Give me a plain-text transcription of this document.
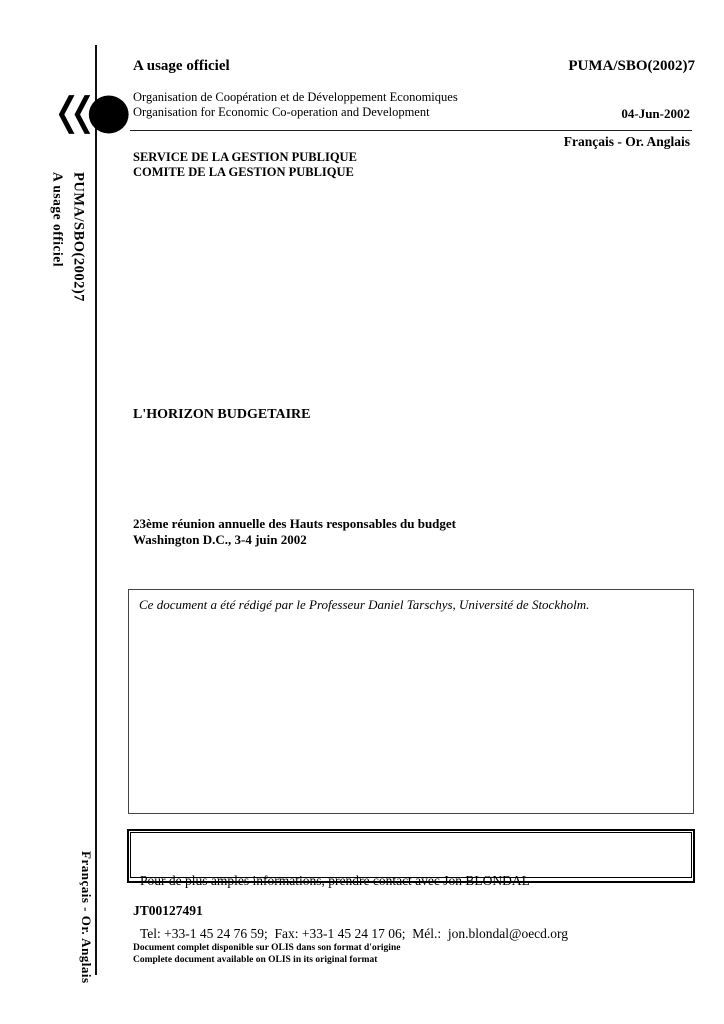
PUMA/SBO(2002)7
A usage officiel
Français - Or. Anglais
A usage officiel	PUMA/SBO(2002)7
Organisation de Coopération et de Développement Economiques
Organisation for Economic Co-operation and Development	04-Jun-2002
Français - Or. Anglais
SERVICE DE LA GESTION PUBLIQUE
COMITE DE LA GESTION PUBLIQUE
L'HORIZON BUDGETAIRE
23ème réunion annuelle des Hauts responsables du budget
Washington D.C., 3-4 juin 2002
Ce document a été rédigé par le Professeur Daniel Tarschys, Université de Stockholm.

Pour de plus amples informations, prendre contact avec Jon BLONDAL

Tel: +33-1 45 24 76 59;  Fax: +33-1 45 24 17 06;  Mél.:  jon.blondal@oecd.org

JT00127491
Document complet disponible sur OLIS dans son format d'origine
Complete document available on OLIS in its original format
